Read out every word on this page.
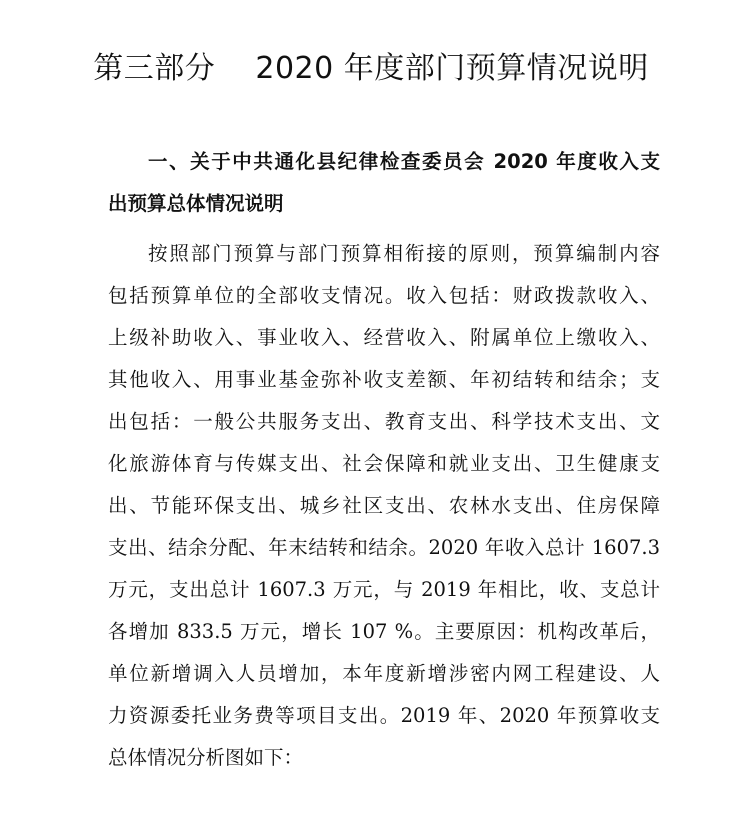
第三部分    2020 年度部门预算情况说明
一、关于中共通化县纪律检查委员会 2020 年度收入支
出预算总体情况说明
按照部门预算与部门预算相衔接的原则，预算编制内容
包括预算单位的全部收支情况。收入包括：财政拨款收入、
上级补助收入、事业收入、经营收入、附属单位上缴收入、
其他收入、用事业基金弥补收支差额、年初结转和结余；支
出包括：一般公共服务支出、教育支出、科学技术支出、文
化旅游体育与传媒支出、社会保障和就业支出、卫生健康支
出、节能环保支出、城乡社区支出、农林水支出、住房保障
支出、结余分配、年末结转和结余。2020 年收入总计 1607.3
万元，支出总计 1607.3 万元，与 2019 年相比，收、支总计
各增加 833.5 万元，增长 107 %。主要原因：机构改革后，
单位新增调入人员增加，本年度新增涉密内网工程建设、人
力资源委托业务费等项目支出。2019 年、2020 年预算收支
总体情况分析图如下：
